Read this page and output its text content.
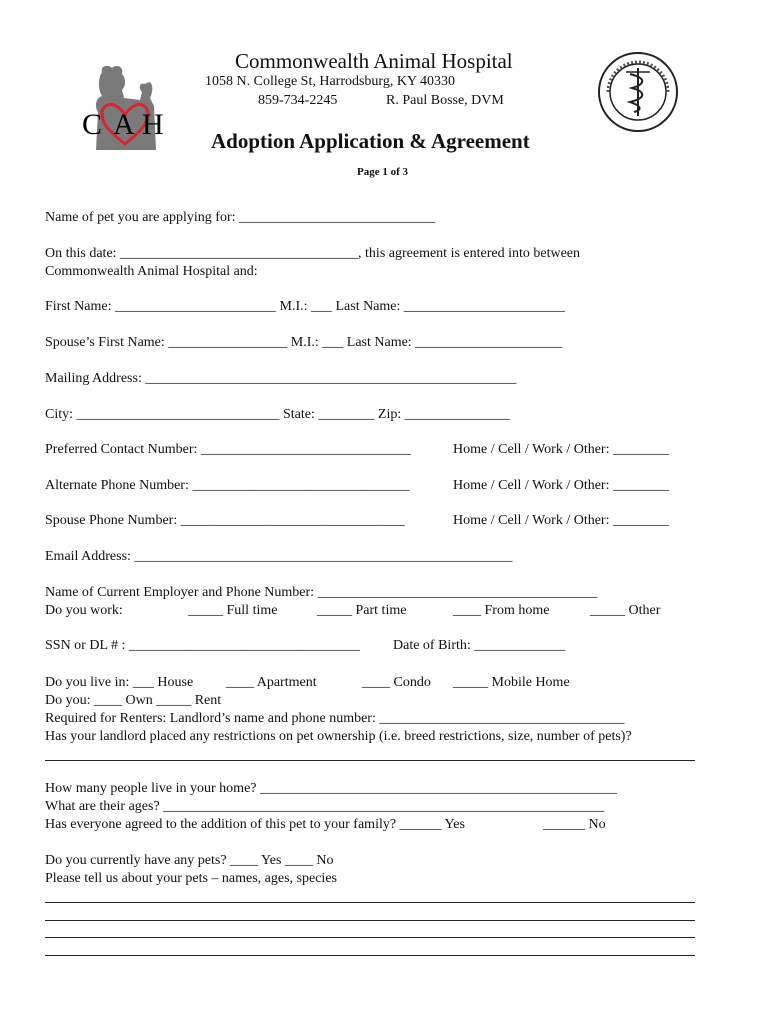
C A H
Commonwealth Animal Hospital
1058 N. College St, Harrodsburg, KY 40330
859-734-2245	R. Paul Bosse, DVM
Adoption Application & Agreement
Page 1 of 3
Name of pet you are applying for: ____________________________
On this date: __________________________________, this agreement is entered into between
Commonwealth Animal Hospital and:
First Name: _______________________ M.I.: ___ Last Name: _______________________
Spouse’s First Name: _________________ M.I.: ___ Last Name: _____________________
Mailing Address: _____________________________________________________
City: _____________________________ State: ________ Zip: _______________
Preferred Contact Number: ______________________________	Home / Cell / Work / Other: ________
Alternate Phone Number: _______________________________	Home / Cell / Work / Other: ________
Spouse Phone Number: ________________________________	Home / Cell / Work / Other: ________
Email Address: ______________________________________________________
Name of Current Employer and Phone Number: ________________________________________
Do you work:	_____ Full time	_____ Part time	____ From home	_____ Other
SSN or DL # : _________________________________ Date of Birth: _____________
Do you live in: ___ House ____ Apartment	____ Condo _____ Mobile Home
Do you: ____ Own _____ Rent
Required for Renters: Landlord’s name and phone number: ___________________________________
Has your landlord placed any restrictions on pet ownership (i.e. breed restrictions, size, number of pets)?
How many people live in your home? ___________________________________________________
What are their ages? _______________________________________________________________
Has everyone agreed to the addition of this pet to your family? ______ Yes	______ No
Do you currently have any pets? ____ Yes ____ No
Please tell us about your pets – names, ages, species
